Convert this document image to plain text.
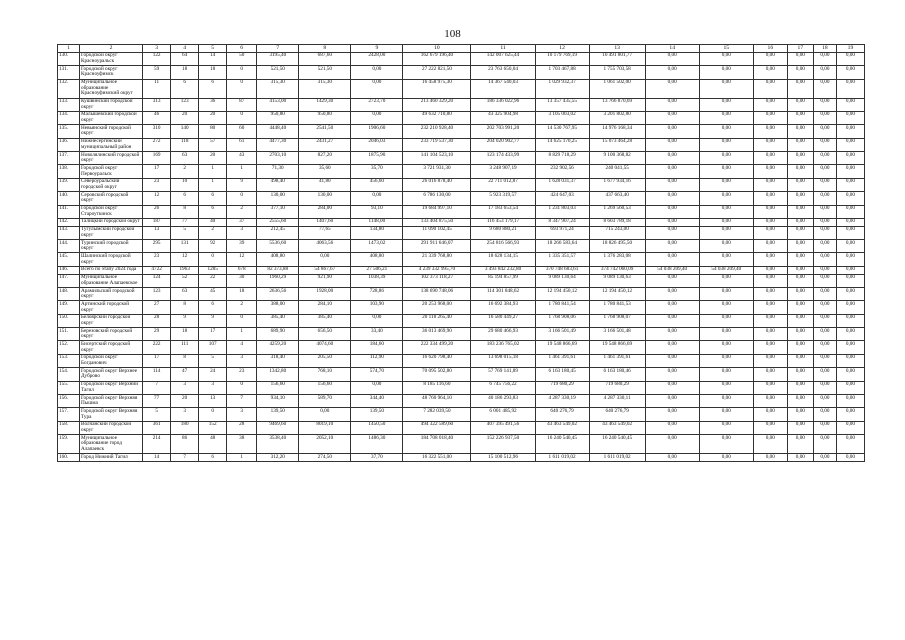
108
1	2	3	4	5	6	7	8	9	10	11	12	13	14	15	16	17	18	19
130.	Городской округ Красноуральск	122	64	14	50	3195,40	687,60	2428,00	162 679 196,40	142 007 625,44	10 179 769,19	10 491 801,77	0,00	0,00	0,00	0,00	0,00	0,00
131.	Городской округ Красноуфимск	59	18	18	0	521,50	521,50	0,00	27 222 821,50	23 763 650,04	1 703 467,88	1 755 703,58	0,00	0,00	0,00	0,00	0,00	0,00
132.	Муниципальное образование Красноуфимский округ	11	6	6	0	315,30	315,30	0,00	16 458 975,30	14 367 540,03	1 029 932,37	1 061 502,00	0,00	0,00	0,00	0,00	0,00	0,00
133.	Кушвинский городской округ	313	123	36	87	4153,00	1429,30	2723,70	213 460 329,20	186 336 022,96	13 357 435,55	13 766 870,69	0,00	0,00	0,00	0,00	0,00	0,00
134.	Малышевский городской округ	46	20	20	0	950,80	950,80	0,00	49 632 710,80	43 325 904,98	3 105 003,02	3 201 802,80	0,00	0,00	0,00	0,00	0,00	0,00
135.	Невьянский городской округ	310	140	80	60	4448,40	2541,50	1906,60	232 210 928,40	202 703 991,20	14 530 767,95	14 976 168,34	0,00	0,00	0,00	0,00	0,00	0,00
136.	Нижнесергинский муниципальный район	272	118	57	61	4477,30	2431,27	2046,03	233 719 537,30	204 020 902,77	14 625 170,25	15 073 464,28	0,00	0,00	0,00	0,00	0,00	0,00
137.	Новолялинский городской округ	169	63	20	43	2703,10	827,20	1875,90	141 104 523,10	123 174 433,99	8 829 718,29	9 100 368,82	0,00	0,00	0,00	0,00	0,00	0,00
138.	Городской округ Первоуральск	17	2	1	1	71,30	35,60	35,70	3 721 931,30	3 248 907,19	232 902,56	240 041,55	0,00	0,00	0,00	0,00	0,00	0,00
139.	Североуральский городской округ	23	10	1	9	498,40	41,80	456,60	26 016 878,40	22 711 012,87	1 628 031,37	1 677 934,16	0,00	0,00	0,00	0,00	0,00	0,00
140.	Серовский городской округ	12	6	6	0	130,00	130,00	0,00	6 786 130,00	5 923 319,57	424 647,03	437 663,40	0,00	0,00	0,00	0,00	0,00	0,00
141.	Городской округ Староуткинск	26	8	6	2	377,10	284,00	93,10	19 684 997,10	17 183 653,54	1 231 803,03	1 269 560,53	0,00	0,00	0,00	0,00	0,00	0,00
142.	Талицкий городской округ	187	77	40	37	2555,60	1407,60	1148,00	133 404 875,50	116 453 179,17	8 347 907,24	8 603 789,18	0,00	0,00	0,00	0,00	0,00	0,00
143.	Тугулымский городской округ	13	5	2	3	212,45	77,65	134,80	11 090 102,45	9 680 880,21	693 971,24	715 243,00	0,00	0,00	0,00	0,00	0,00	0,00
144.	Туринский городской округ	295	131	92	39	5536,60	4063,56	1473,02	291 911 646,07	254 816 566,93	18 266 583,64	18 826 495,50	0,00	0,00	0,00	0,00	0,00	0,00
145.	Шалинский городской округ	23	12	0	12	408,80	0,00	408,80	21 339 768,80	18 628 134,15	1 335 351,57	1 376 283,08	0,00	0,00	0,00	0,00	0,00	0,00
146.	Всего по этапу 2024 года	4722	1963	1285	678	82 373,88	54 867,67	27 506,21	4 239 332 995,70	3 493 842 232,80	370 748 683,61	374 742 060,09	54 038 209,40	54 038 209,40	0,00	0,00	0,00	0,00
147.	Муниципальное образование Алапаевское	124	52	22	30	1960,29	921,90	1038,39	102 373 118,27	85 194 857,99	9 089 130,64	9 089 130,63	0,00	0,00	0,00	0,00	0,00	0,00
148.	Арамильский городской округ	123	63	45	18	2636,56	1928,00	728,86	138 690 748,06	114 301 848,62	12 194 450,12	12 194 450,12	0,00	0,00	0,00	0,00	0,00	0,00
149.	Артинский городской округ	27	8	6	2	388,00	284,10	103,90	20 253 968,00	16 692 384,93	1 780 841,54	1 780 841,53	0,00	0,00	0,00	0,00	0,00	0,00
150.	Белоярский городской округ	28	9	9	0	385,40	385,40	0,00	20 118 265,40	16 580 449,27	1 768 908,06	1 768 908,07	0,00	0,00	0,00	0,00	0,00	0,00
151.	Березовский городской округ	29	18	17	1	689,90	656,50	33,40	36 013 469,90	29 680 466,93	3 166 501,49	3 166 501,48	0,00	0,00	0,00	0,00	0,00	0,00
152.	Бисертский городской округ	222	111	107	4	4259,20	4074,60	184,60	222 334 499,20	183 236 765,02	19 548 866,69	19 548 866,69	0,00	0,00	0,00	0,00	0,00	0,00
153.	Городской округ Богданович	17	8	5	3	318,40	205,50	112,90	16 620 798,40	13 698 015,18	1 461 391,61	1 461 391,61	0,00	0,00	0,00	0,00	0,00	0,00
154.	Городской округ Верхнее Дуброво	114	47	24	23	1342,80	768,10	574,70	70 095 502,80	57 769 141,89	6 163 180,45	6 163 180,46	0,00	0,00	0,00	0,00	0,00	0,00
155.	Городской округ Верхний Тагил	7	3	3	0	156,60	156,60	0,00	8 185 116,60	6 745 756,22	719 680,29	719 680,29	0,00	0,00	0,00	0,00	0,00	0,00
156.	Городской округ Верхняя Пышма	77	20	13	7	934,10	589,70	344,40	48 760 964,10	40 186 293,83	4 287 330,19	4 287 330,11	0,00	0,00	0,00	0,00	0,00	0,00
157.	Городской округ Верхняя Тура	5	3	0	3	139,50	0,00	139,50	7 282 039,50	6 001 485,92	640 276,79	640 276,79	0,00	0,00	0,00	0,00	0,00	0,00
158.	Волчанский городской округ	361	180	152	28	9469,60	8019,10	1450,50	494 322 589,60	407 395 491,56	43 463 549,02	43 463 549,02	0,00	0,00	0,00	0,00	0,00	0,00
159.	Муниципальное образование город Алапаевск	214	86	48	38	3538,40	2052,10	1486,30	184 708 018,40	152 226 937,50	16 240 540,45	16 240 540,45	0,00	0,00	0,00	0,00	0,00	0,00
160.	Город Нижний Тагил	14	7	6	1	312,20	274,50	37,70	16 322 551,00	15 100 512,96	1 611 019,02	1 611 019,02	0,00	0,00	0,00	0,00	0,00	0,00
